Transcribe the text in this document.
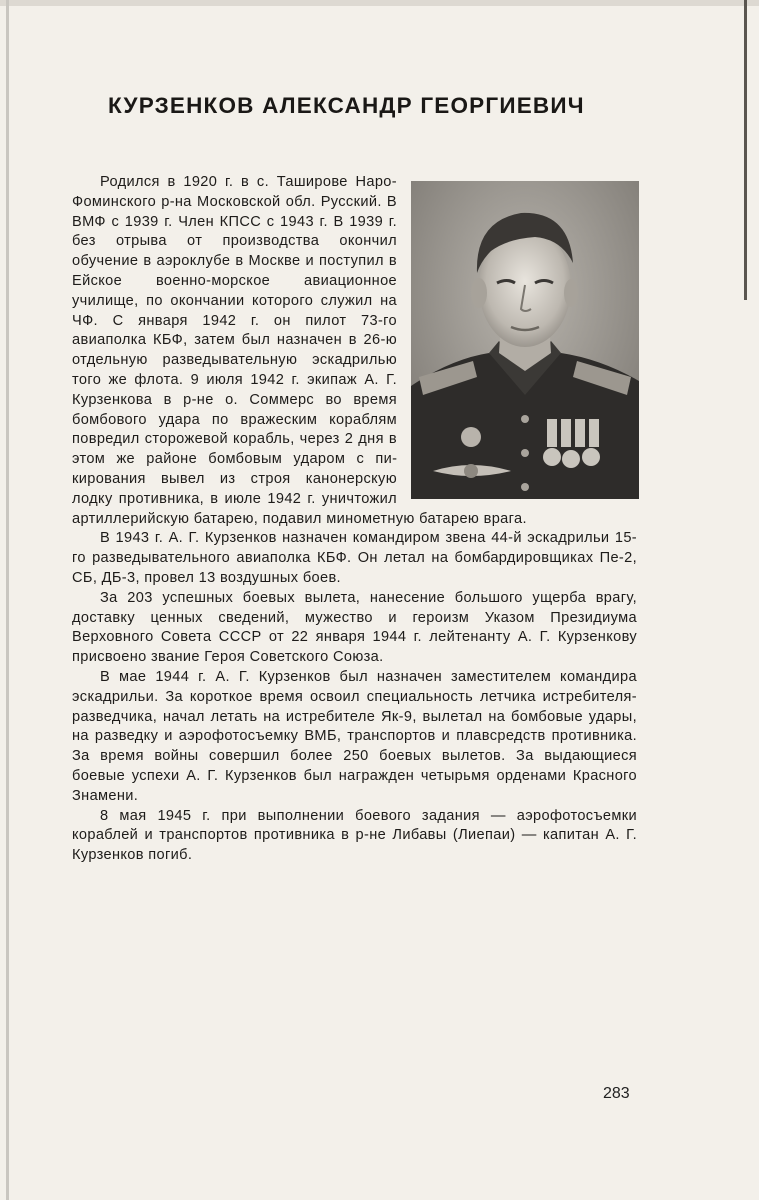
КУРЗЕНКОВ АЛЕКСАНДР ГЕОРГИЕВИЧ

Родился в 1920 г. в с. Таширове Наро-Фоминского р-на Московской обл. Русский. В ВМФ с 1939 г. Член КПСС с 1943 г. В 1939 г. без отрыва от производства окончил обучение в аэроклубе в Москве и поступил в Ейское военно-морское авиационное училище, по окончании которого служил на ЧФ. С января 1942 г. он пилот 73-го авиаполка КБФ, затем был назначен в 26-ю отдельную разведывательную эскадрилью того же флота. 9 июля 1942 г. экипаж А. Г. Курзенкова в р-не о. Соммерс во время бомбового удара по вражеским кораблям повредил сторожевой корабль, через 2 дня в этом же районе бомбовым ударом с пикирования вывел из строя канонерскую лодку противника, в июле 1942 г. уничтожил артиллерийскую батарею, подавил минометную батарею врага.

В 1943 г. А. Г. Курзенков назначен командиром звена 44-й эскадрильи 15-го разведывательного авиаполка КБФ. Он летал на бомбардировщиках Пе-2, СБ, ДБ-3, провел 13 воздушных боев.

За 203 успешных боевых вылета, нанесение большого ущерба врагу, доставку ценных сведений, мужество и героизм Указом Президиума Верховного Совета СССР от 22 января 1944 г. лейтенанту А. Г. Курзенкову присвоено звание Героя Советского Союза.

В мае 1944 г. А. Г. Курзенков был назначен заместителем командира эскадрильи. За короткое время освоил специальность летчика истребителя-разведчика, начал летать на истребителе Як-9, вылетал на бомбовые удары, на разведку и аэрофотосъемку ВМБ, транспортов и плавсредств противника. За время войны совершил более 250 боевых вылетов. За выдающиеся боевые успехи А. Г. Курзенков был награжден четырьмя орденами Красного Знамени.

8 мая 1945 г. при выполнении боевого задания — аэрофотосъемки кораблей и транспортов противника в р-не Либавы (Лиепаи) — капитан А. Г. Курзенков погиб.

283
